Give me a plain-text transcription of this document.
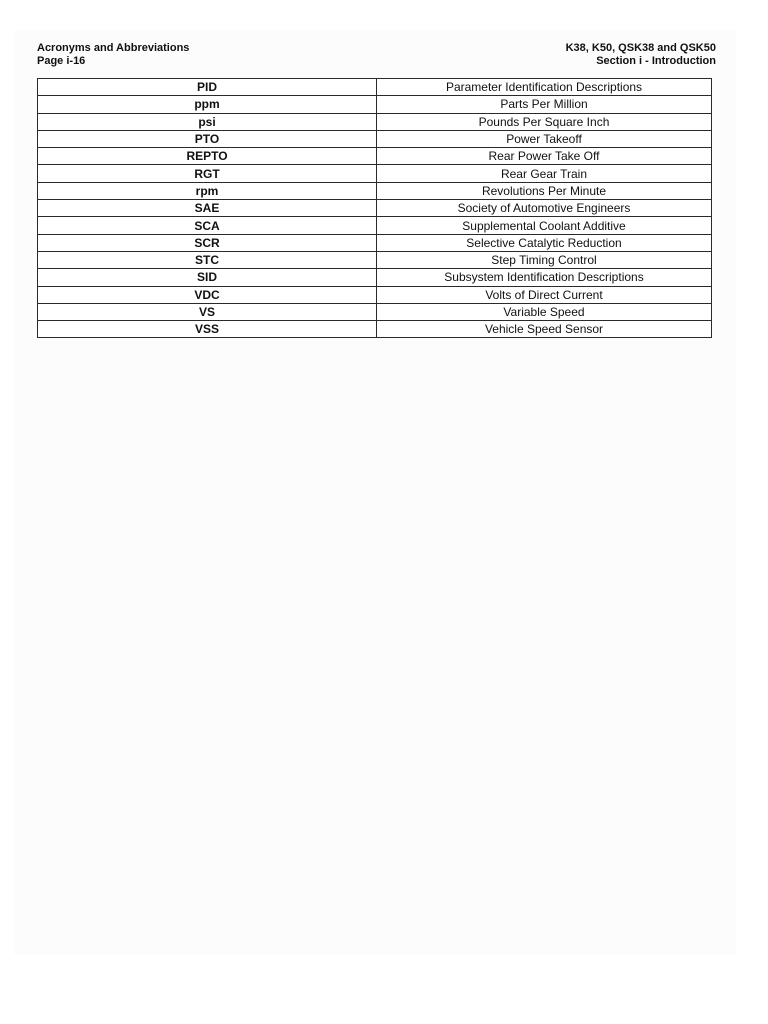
Acronyms and Abbreviations
Page i-16
K38, K50, QSK38 and QSK50
Section i - Introduction
PID	Parameter Identification Descriptions
ppm	Parts Per Million
psi	Pounds Per Square Inch
PTO	Power Takeoff
REPTO	Rear Power Take Off
RGT	Rear Gear Train
rpm	Revolutions Per Minute
SAE	Society of Automotive Engineers
SCA	Supplemental Coolant Additive
SCR	Selective Catalytic Reduction
STC	Step Timing Control
SID	Subsystem Identification Descriptions
VDC	Volts of Direct Current
VS	Variable Speed
VSS	Vehicle Speed Sensor
